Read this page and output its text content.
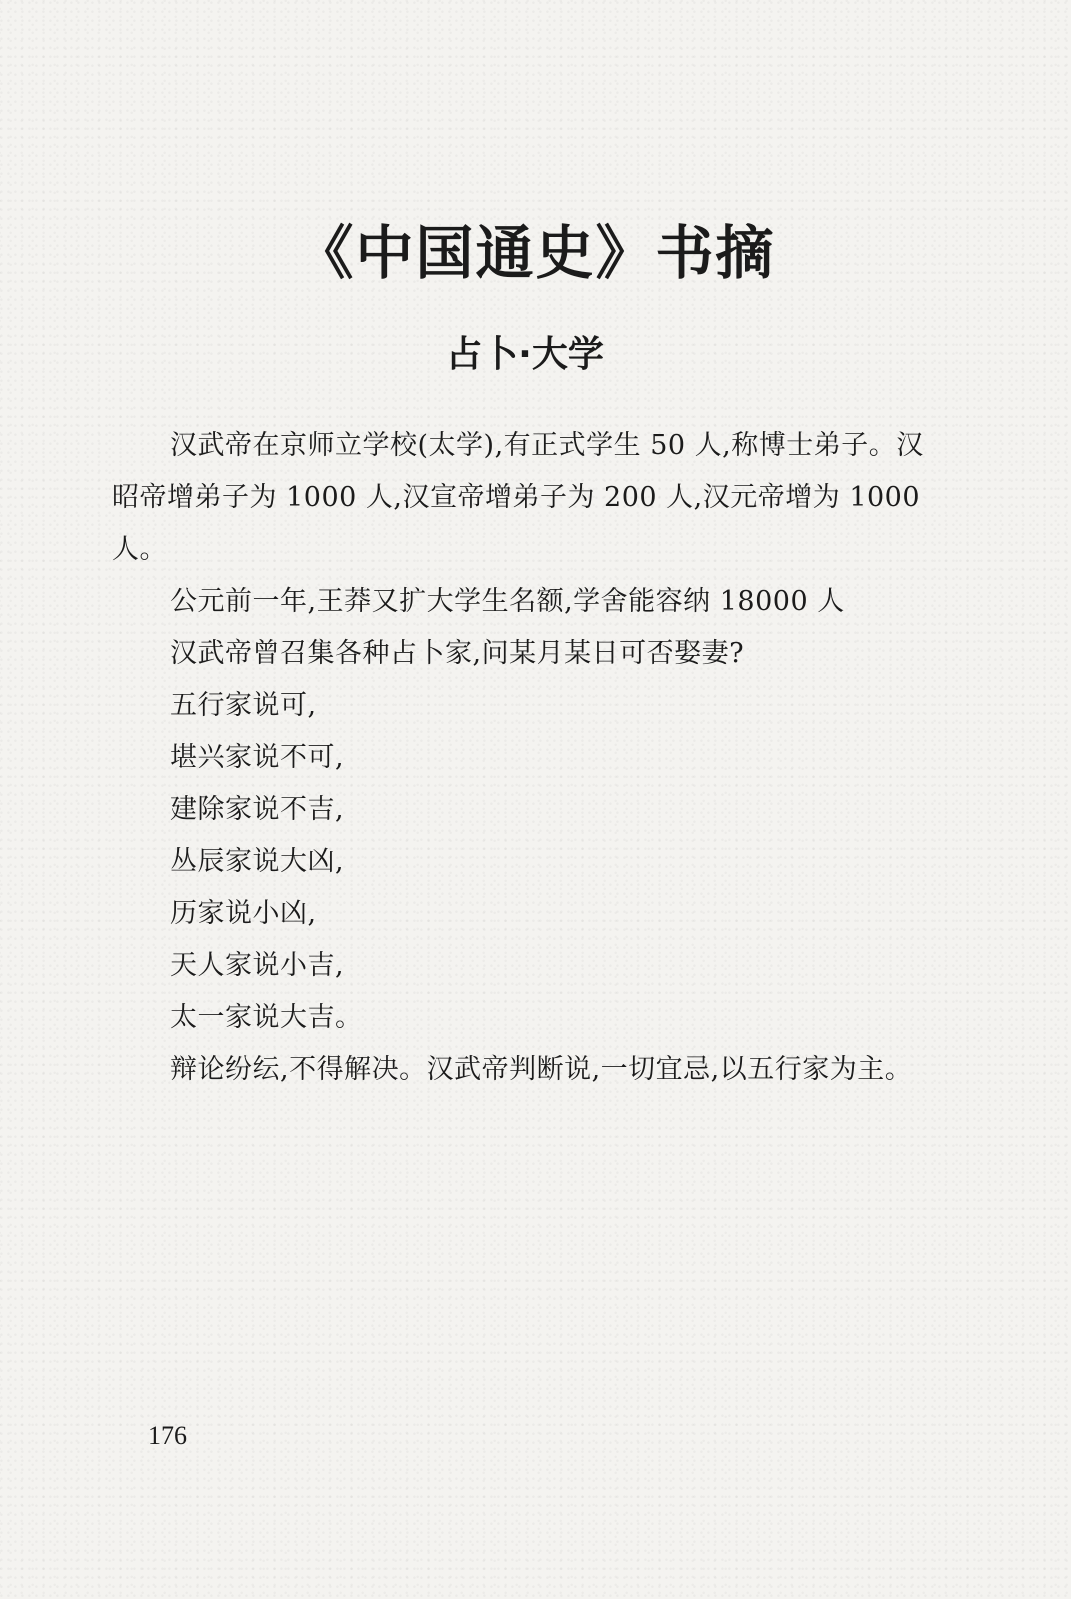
《中国通史》书摘
占卜·大学

汉武帝在京师立学校(太学),有正式学生 50 人,称博士弟子。汉昭帝增弟子为 1000 人,汉宣帝增弟子为 200 人,汉元帝增为 1000 人。

公元前一年,王莽又扩大学生名额,学舍能容纳 18000 人

汉武帝曾召集各种占卜家,问某月某日可否娶妻?

五行家说可,

堪兴家说不可,

建除家说不吉,

丛辰家说大凶,

历家说小凶,

天人家说小吉,

太一家说大吉。

辩论纷纭,不得解决。汉武帝判断说,一切宜忌,以五行家为主。

176
